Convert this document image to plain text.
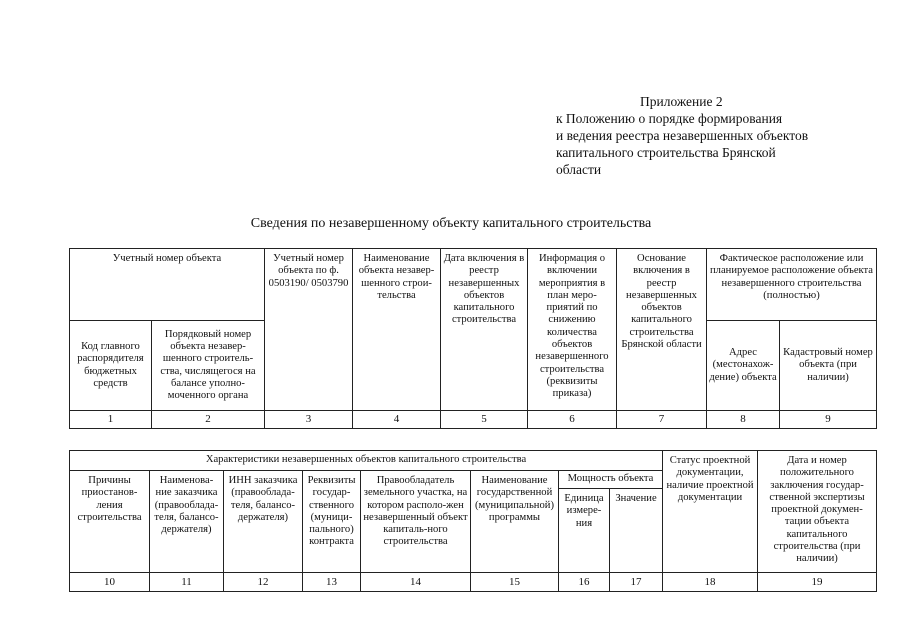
Приложение 2
к Положению о порядке формирования
и ведения реестра незавершенных объектов
капитального строительства Брянской
области
Сведения по незавершенному объекту капитального строительства
Учетный номер объекта		Учетный номер объекта по ф. 0503190/ 0503790	Наименование объекта незавер-шенного строи-тельства	Дата включения в реестр незавершенных объектов капитального строительства	Информация о включении мероприятия в план меро-приятий по снижению количества объектов незавершенного строительства (реквизиты приказа)	Основание включения в реестр незавершенных объектов капитального строительства Брянской области	Фактическое расположение или планируемое расположение объекта незавершенного строительства (полностью)	
Код главного распорядителя бюджетных средств	Порядковый номер объекта незавер-шенного строитель-ства, числящегося на балансе уполно-моченного органа						Адрес (местонахож-дение) объекта	Кадастровый номер объекта (при наличии)
1	2	3	4	5	6	7	8	9
Характеристики незавершенных объектов капитального строительства								Статус проектной документации, наличие проектной документации	Дата и номер положительного заключения государ-ственной экспертизы проектной докумен-тации объекта капитального строительства (при наличии)
Причины приостанов-ления строительства	Наименова-ние заказчика (правооблада-теля, балансо-держателя)	ИНН заказчика (правооблада-теля, балансо-держателя)	Реквизиты государ-ственного (муници-пального) контракта	Правообладатель земельного участка, на котором располо-жен незавершенный объект капиталь-ного строительства	Наименование государственной (муниципальной) программы	Мощность объекта			
						Единица измере-ния	Значение		
10	11	12	13	14	15	16	17	18	19
